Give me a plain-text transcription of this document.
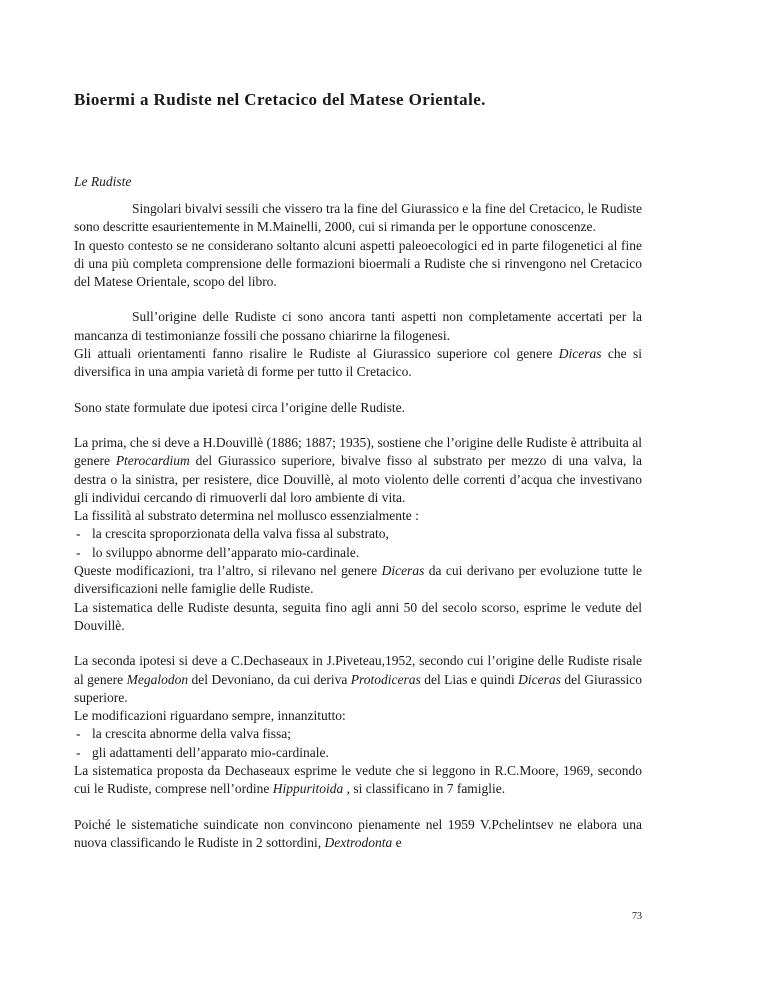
Bioermi a Rudiste nel Cretacico del Matese Orientale.

Le Rudiste

Singolari bivalvi sessili che vissero tra la fine del Giurassico e la fine del Cretacico, le Rudiste sono descritte esaurientemente in M.Mainelli, 2000, cui si rimanda per le opportune conoscenze.

In questo contesto se ne considerano soltanto alcuni aspetti paleoecologici ed in parte filogenetici al fine di una più completa comprensione delle formazioni bioermali a Rudiste che si rinvengono nel Cretacico del Matese Orientale, scopo del libro.

Sull’origine delle Rudiste ci sono ancora tanti aspetti non completamente accertati per la mancanza di testimonianze fossili che possano chiarirne la filogenesi.

Gli attuali orientamenti fanno risalire le Rudiste al Giurassico superiore col genere Diceras che si diversifica in una ampia varietà di forme per tutto il Cretacico.

Sono state formulate due ipotesi circa l’origine delle Rudiste.

La prima, che si deve a H.Douvillè (1886; 1887; 1935), sostiene che l’origine delle Rudiste è attribuita al genere Pterocardium del Giurassico superiore, bivalve fisso al substrato per mezzo di una valva, la destra o la sinistra, per resistere, dice Douvillè, al moto violento delle correnti d’acqua che investivano gli individui cercando di rimuoverli dal loro ambiente di vita.

La fissilità al substrato determina nel mollusco essenzialmente :

- la crescita sproporzionata della valva fissa al substrato,
- lo sviluppo abnorme dell’apparato mio-cardinale.

Queste modificazioni, tra l’altro, si rilevano nel genere Diceras da cui derivano per evoluzione tutte le diversificazioni nelle famiglie delle Rudiste.

La sistematica delle Rudiste desunta, seguita fino agli anni 50 del secolo scorso, esprime le vedute del Douvillè.

La seconda ipotesi si deve a C.Dechaseaux in J.Piveteau,1952, secondo cui l’origine delle Rudiste risale al genere Megalodon del Devoniano, da cui deriva Protodiceras del Lias e quindi Diceras del Giurassico superiore.

Le modificazioni riguardano sempre, innanzitutto:

- la crescita abnorme della valva fissa;
- gli adattamenti dell’apparato mio-cardinale.

La sistematica proposta da Dechaseaux esprime le vedute che si leggono in R.C.Moore, 1969, secondo cui le Rudiste, comprese nell’ordine Hippuritoida , si classificano in 7 famiglie.

Poiché le sistematiche suindicate non convincono pienamente nel 1959 V.Pchelintsev ne elabora una nuova classificando le Rudiste in 2 sottordini, Dextrodonta e

73
